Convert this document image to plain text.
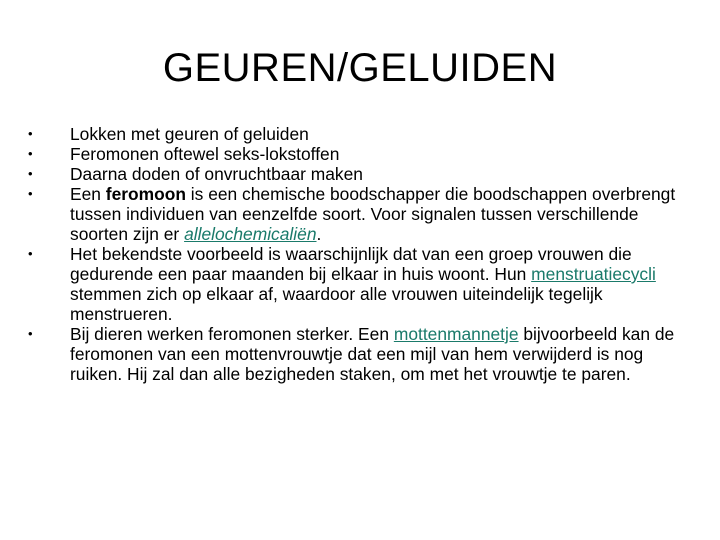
GEUREN/GELUIDEN
• Lokken met geuren of geluiden
• Feromonen oftewel seks-lokstoffen
• Daarna doden of onvruchtbaar maken
• Een feromoon is een chemische boodschapper die boodschappen overbrengt tussen individuen van eenzelfde soort. Voor signalen tussen verschillende soorten zijn er allelochemicaliën.
• Het bekendste voorbeeld is waarschijnlijk dat van een groep vrouwen die gedurende een paar maanden bij elkaar in huis woont. Hun menstruatiecycli stemmen zich op elkaar af, waardoor alle vrouwen uiteindelijk tegelijk menstrueren.
• Bij dieren werken feromonen sterker. Een mottenmannetje bijvoorbeeld kan de feromonen van een mottenvrouwtje dat een mijl van hem verwijderd is nog ruiken. Hij zal dan alle bezigheden staken, om met het vrouwtje te paren.
